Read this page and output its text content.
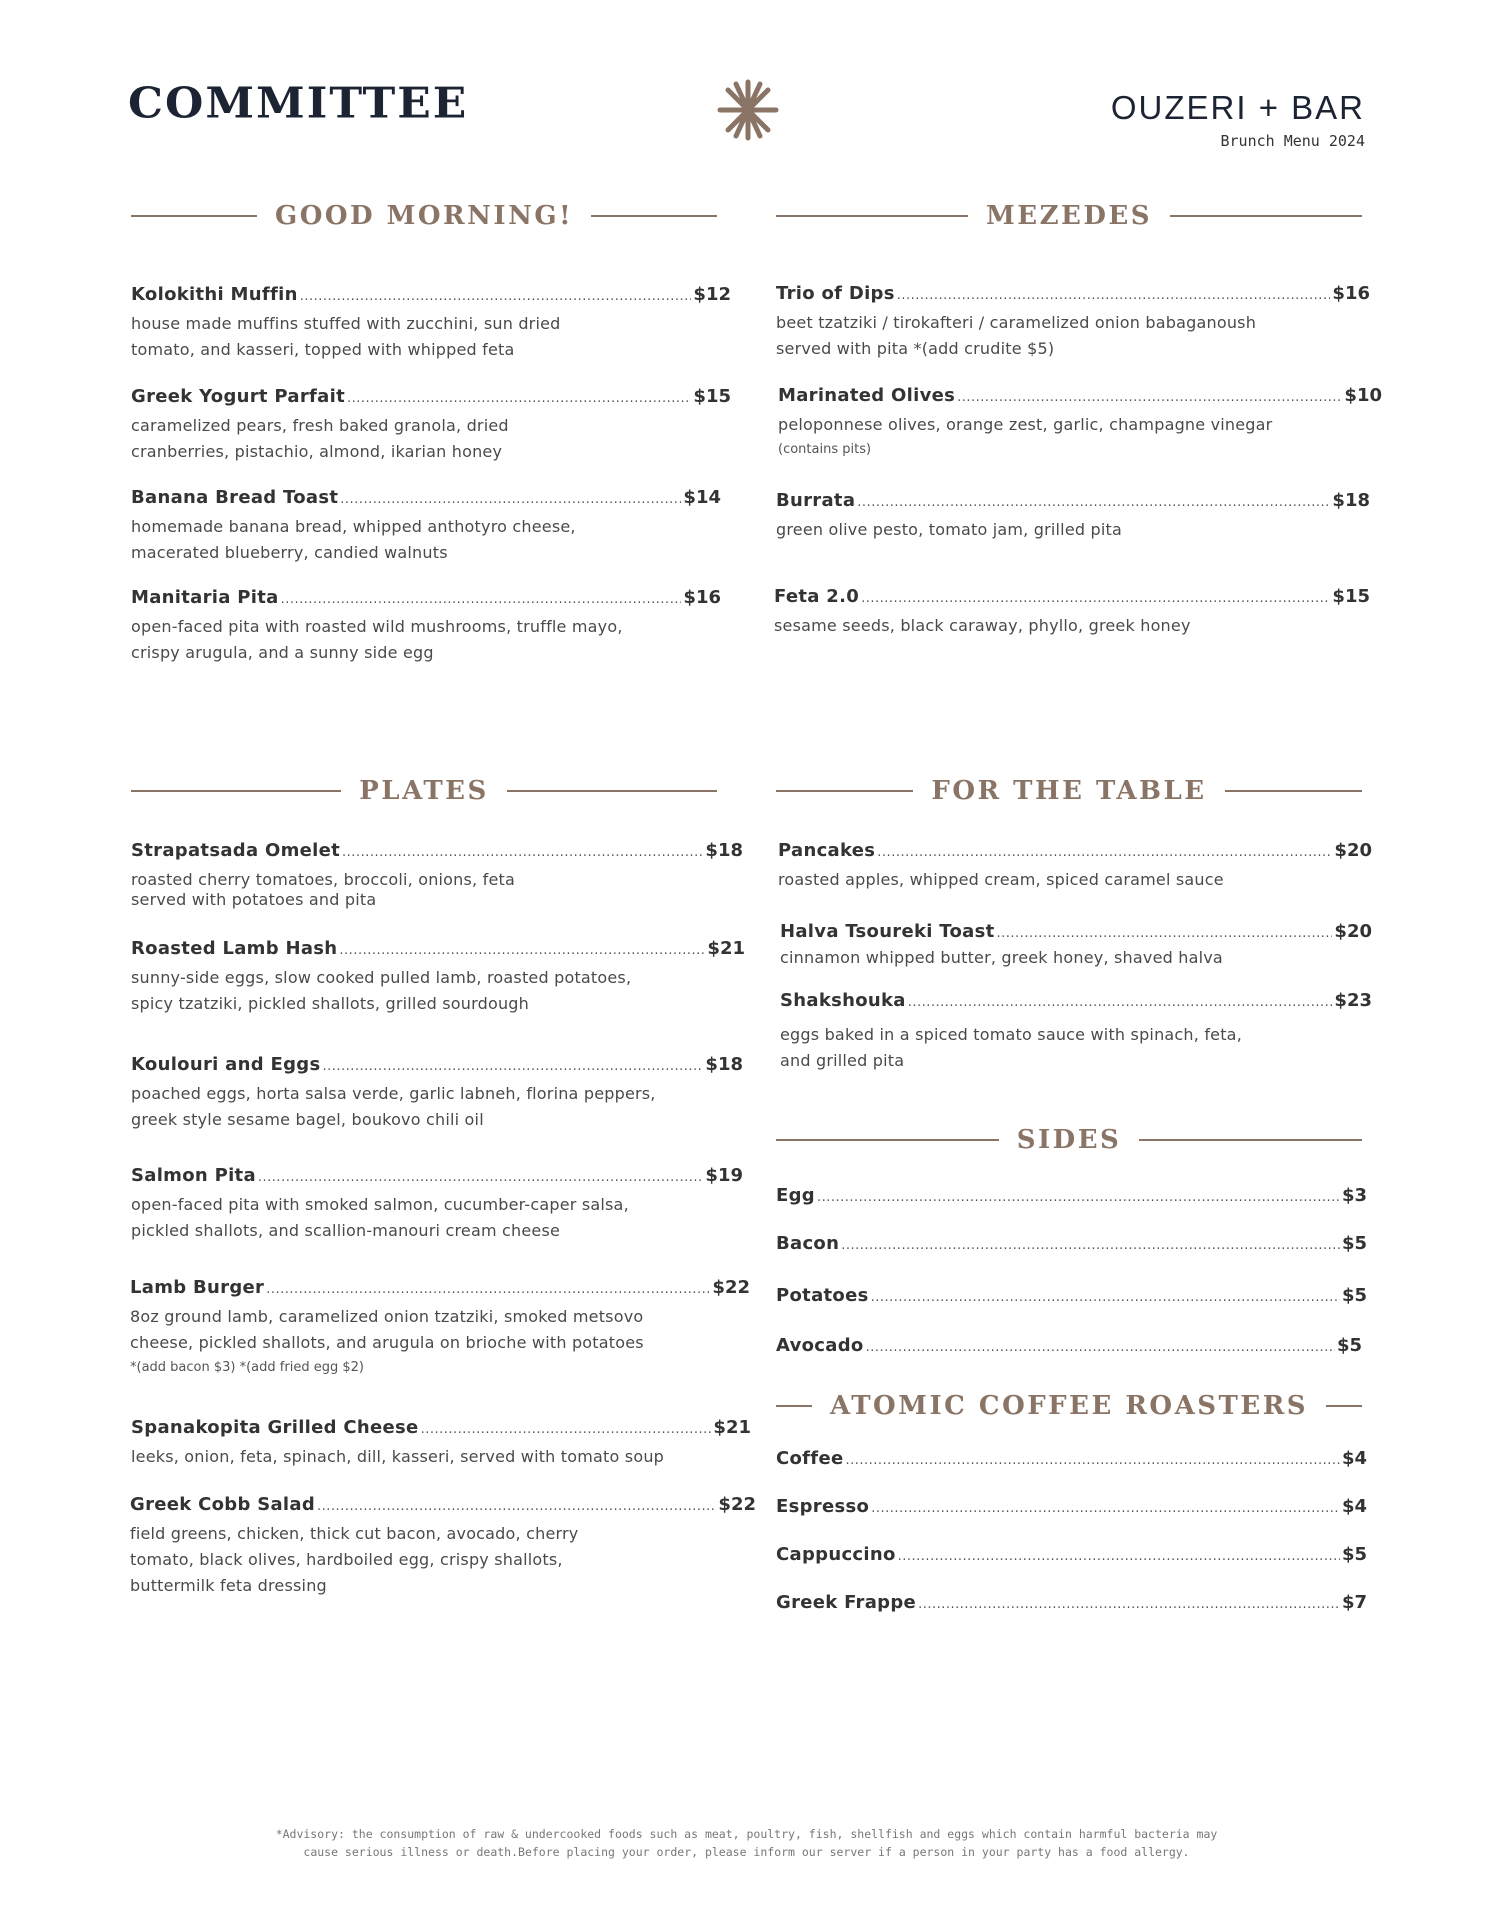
COMMITTEE	OUZERI + BAR
Brunch Menu 2024
GOOD MORNING!	MEZEDES
PLATES	FOR THE TABLE
SIDES
ATOMIC COFFEE ROASTERS
Kolokithi Muffin .....	$12
house made muffins stuffed with zucchini, sun dried
tomato, and kasseri, topped with whipped feta
Greek Yogurt Parfait .....	$15
caramelized pears, fresh baked granola, dried
cranberries, pistachio, almond, ikarian honey
Banana Bread Toast .....	$14
homemade banana bread, whipped anthotyro cheese,
macerated blueberry, candied walnuts
Manitaria Pita .....	$16
open-faced pita with roasted wild mushrooms, truffle mayo,
crispy arugula, and a sunny side egg
Trio of Dips .....	$16
beet tzatziki / tirokafteri / caramelized onion babaganoush
served with pita *(add crudite $5)
Marinated Olives .....	$10
peloponnese olives, orange zest, garlic, champagne vinegar
(contains pits)
Burrata .....	$18
green olive pesto, tomato jam, grilled pita
Feta 2.0 .....	$15
sesame seeds, black caraway, phyllo, greek honey
Strapatsada Omelet .....	$18
roasted cherry tomatoes, broccoli, onions, feta
served with potatoes and pita
Roasted Lamb Hash .....	$21
sunny-side eggs, slow cooked pulled lamb, roasted potatoes,
spicy tzatziki, pickled shallots, grilled sourdough
Koulouri and Eggs .....	$18
poached eggs, horta salsa verde, garlic labneh, florina peppers,
greek style sesame bagel, boukovo chili oil
Salmon Pita .....	$19
open-faced pita with smoked salmon, cucumber-caper salsa,
pickled shallots, and scallion-manouri cream cheese
Lamb Burger .....	$22
8oz ground lamb, caramelized onion tzatziki, smoked metsovo
cheese, pickled shallots, and arugula on brioche with potatoes
*(add bacon $3) *(add fried egg $2)
Spanakopita Grilled Cheese .....	$21
leeks, onion, feta, spinach, dill, kasseri, served with tomato soup
Greek Cobb Salad .....	$22
field greens, chicken, thick cut bacon, avocado, cherry
tomato, black olives, hardboiled egg, crispy shallots,
buttermilk feta dressing
Pancakes .....	$20
roasted apples, whipped cream, spiced caramel sauce
Halva Tsoureki Toast .....	$20
cinnamon whipped butter, greek honey, shaved halva
Shakshouka .....	$23
eggs baked in a spiced tomato sauce with spinach, feta,
and grilled pita
Egg .....	$3
Bacon .....	$5
Potatoes .....	$5
Avocado .....	$5
Coffee .....	$4
Espresso .....	$4
Cappuccino .....	$5
Greek Frappe .....	$7
*Advisory: the consumption of raw & undercooked foods such as meat, poultry, fish, shellfish and eggs which contain harmful bacteria may
cause serious illness or death.Before placing your order, please inform our server if a person in your party has a food allergy.
